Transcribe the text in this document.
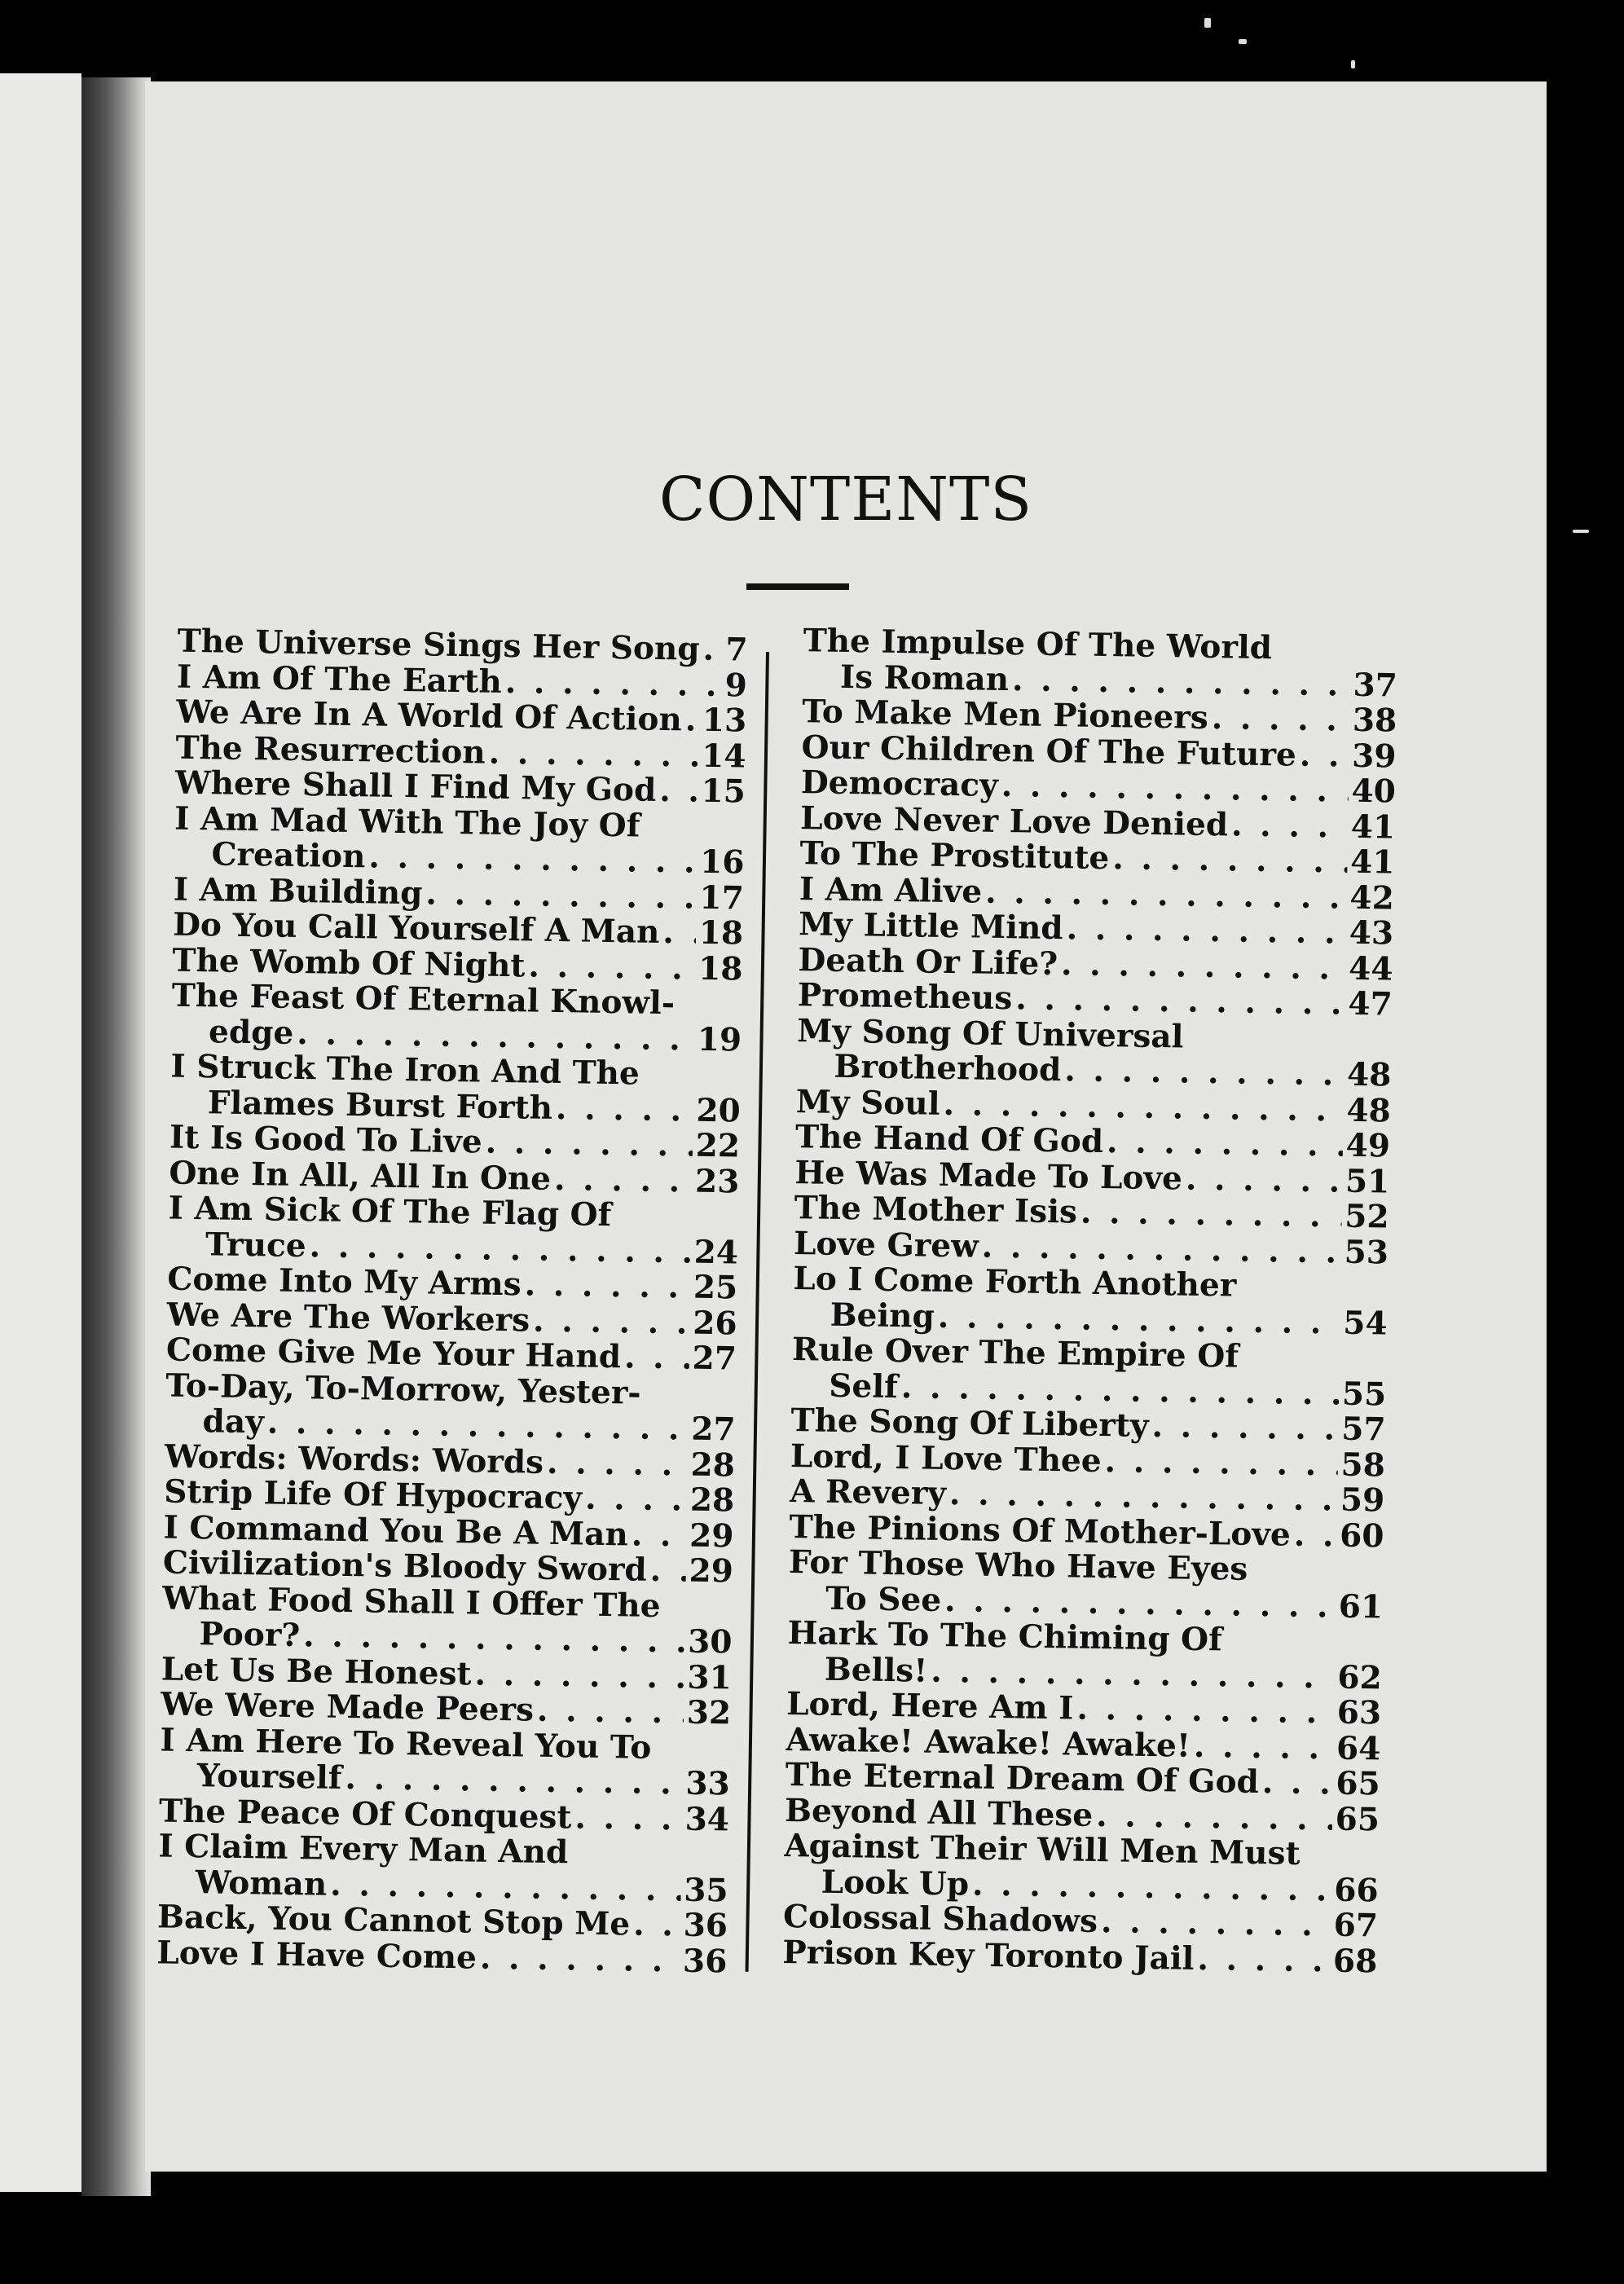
CONTENTS
The Universe Sings Her Song . . . 7
I Am Of The Earth . . .	9
We Are In A World Of Action . . . 13
The Resurrection . . .	14
Where Shall I Find My God . . . 15
I Am Mad With The Joy Of
Creation . . .	16
I Am Building . . .	17
Do You Call Yourself A Man . . . 18
The Womb Of Night . . .	18
The Feast Of Eternal Knowl-
edge . . .	19
I Struck The Iron And The
Flames Burst Forth . . .	20
It Is Good To Live . . .	22
One In All, All In One . . .	23
I Am Sick Of The Flag Of
Truce . . .	24
Come Into My Arms . . .	25
We Are The Workers . . .	26
Come Give Me Your Hand . . . 27
To-Day, To-Morrow, Yester-
day . . .	27
Words: Words: Words . . .	28
Strip Life Of Hypocracy . . .	28
I Command You Be A Man . . . 29
Civilization's Bloody Sword . . . 29
What Food Shall I Offer The
Poor? . . .	30
Let Us Be Honest . . .	31
We Were Made Peers . . .	32
I Am Here To Reveal You To
Yourself . . .	33
The Peace Of Conquest . . .	34
I Claim Every Man And
Woman . . .	35
Back, You Cannot Stop Me . . . 36
Love I Have Come . . .	36
The Impulse Of The World
Is Roman . . .	37
To Make Men Pioneers . . .	38
Our Children Of The Future . . . 39
Democracy . . .	40
Love Never Love Denied . . .	41
To The Prostitute . . .	41
I Am Alive . . .	42
My Little Mind . . .	43
Death Or Life? . . .	44
Prometheus . . .	47
My Song Of Universal
Brotherhood . . .	48
My Soul . . .	48
The Hand Of God . . .	49
He Was Made To Love . . .	51
The Mother Isis . . .	52
Love Grew . . .	53
Lo I Come Forth Another
Being . . .	54
Rule Over The Empire Of
Self . . .	55
The Song Of Liberty . . .	57
Lord, I Love Thee . . .	58
A Revery . . .	59
The Pinions Of Mother-Love . . . 60
For Those Who Have Eyes
To See . . .	61
Hark To The Chiming Of
Bells! . . .	62
Lord, Here Am I . . .	63
Awake! Awake! Awake! . . .	64
The Eternal Dream Of God . . . 65
Beyond All These . . .	65
Against Their Will Men Must
Look Up . . .	66
Colossal Shadows . . .	67
Prison Key Toronto Jail . . .	68
